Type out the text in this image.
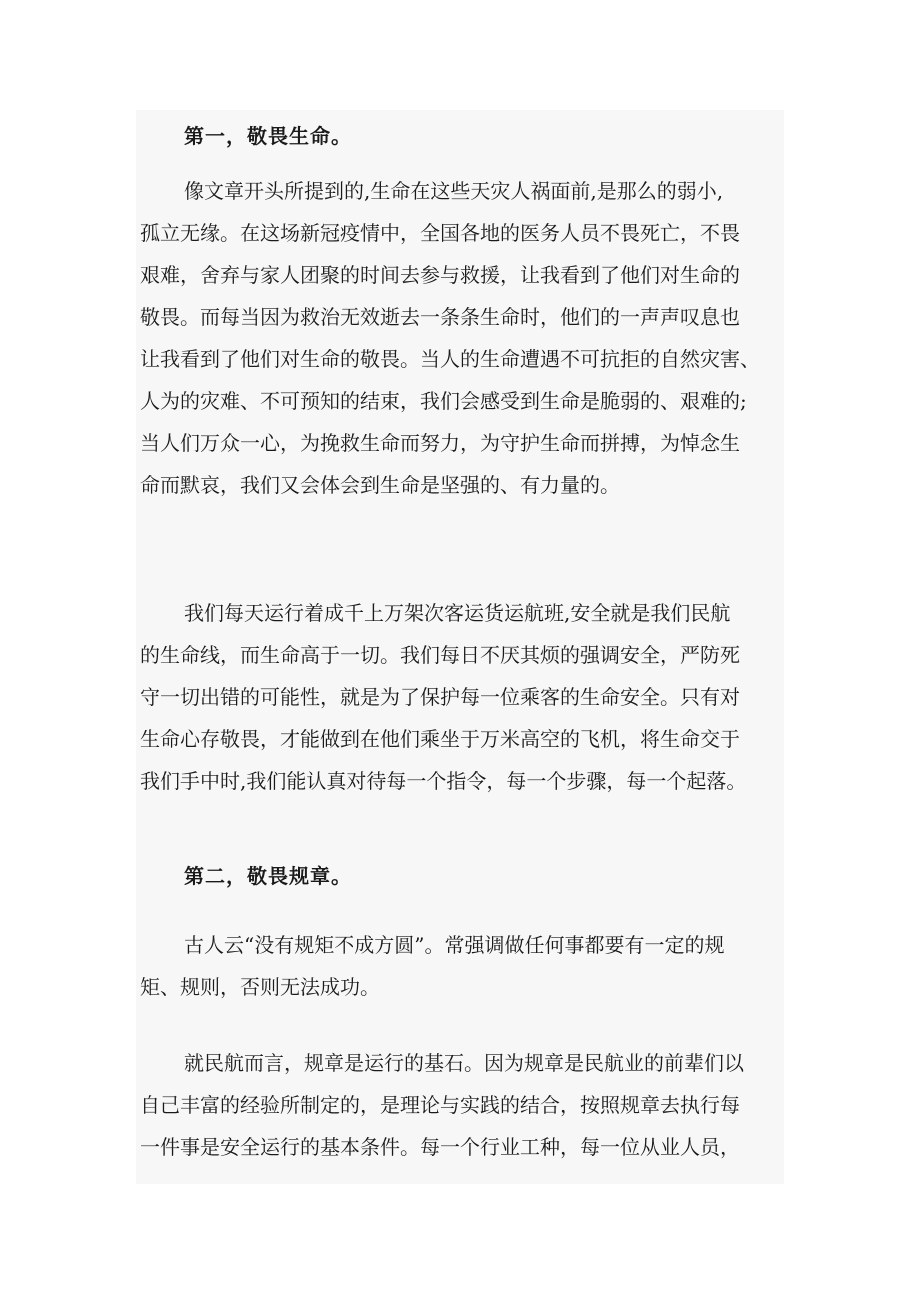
第一，敬畏生命。
像文章开头所提到的,生命在这些天灾人祸面前,是那么的弱小,
孤立无缘。在这场新冠疫情中，全国各地的医务人员不畏死亡，不畏
艰难，舍弃与家人团聚的时间去参与救援，让我看到了他们对生命的
敬畏。而每当因为救治无效逝去一条条生命时，他们的一声声叹息也
让我看到了他们对生命的敬畏。当人的生命遭遇不可抗拒的自然灾害、
人为的灾难、不可预知的结束，我们会感受到生命是脆弱的、艰难的;
当人们万众一心，为挽救生命而努力，为守护生命而拼搏，为悼念生
命而默哀，我们又会体会到生命是坚强的、有力量的。
我们每天运行着成千上万架次客运货运航班,安全就是我们民航
的生命线，而生命高于一切。我们每日不厌其烦的强调安全，严防死
守一切出错的可能性，就是为了保护每一位乘客的生命安全。只有对
生命心存敬畏，才能做到在他们乘坐于万米高空的飞机，将生命交于
我们手中时,我们能认真对待每一个指令，每一个步骤，每一个起落。
第二，敬畏规章。
古人云“没有规矩不成方圆”。常强调做任何事都要有一定的规
矩、规则，否则无法成功。
就民航而言，规章是运行的基石。因为规章是民航业的前辈们以
自己丰富的经验所制定的，是理论与实践的结合，按照规章去执行每
一件事是安全运行的基本条件。每一个行业工种，每一位从业人员，
